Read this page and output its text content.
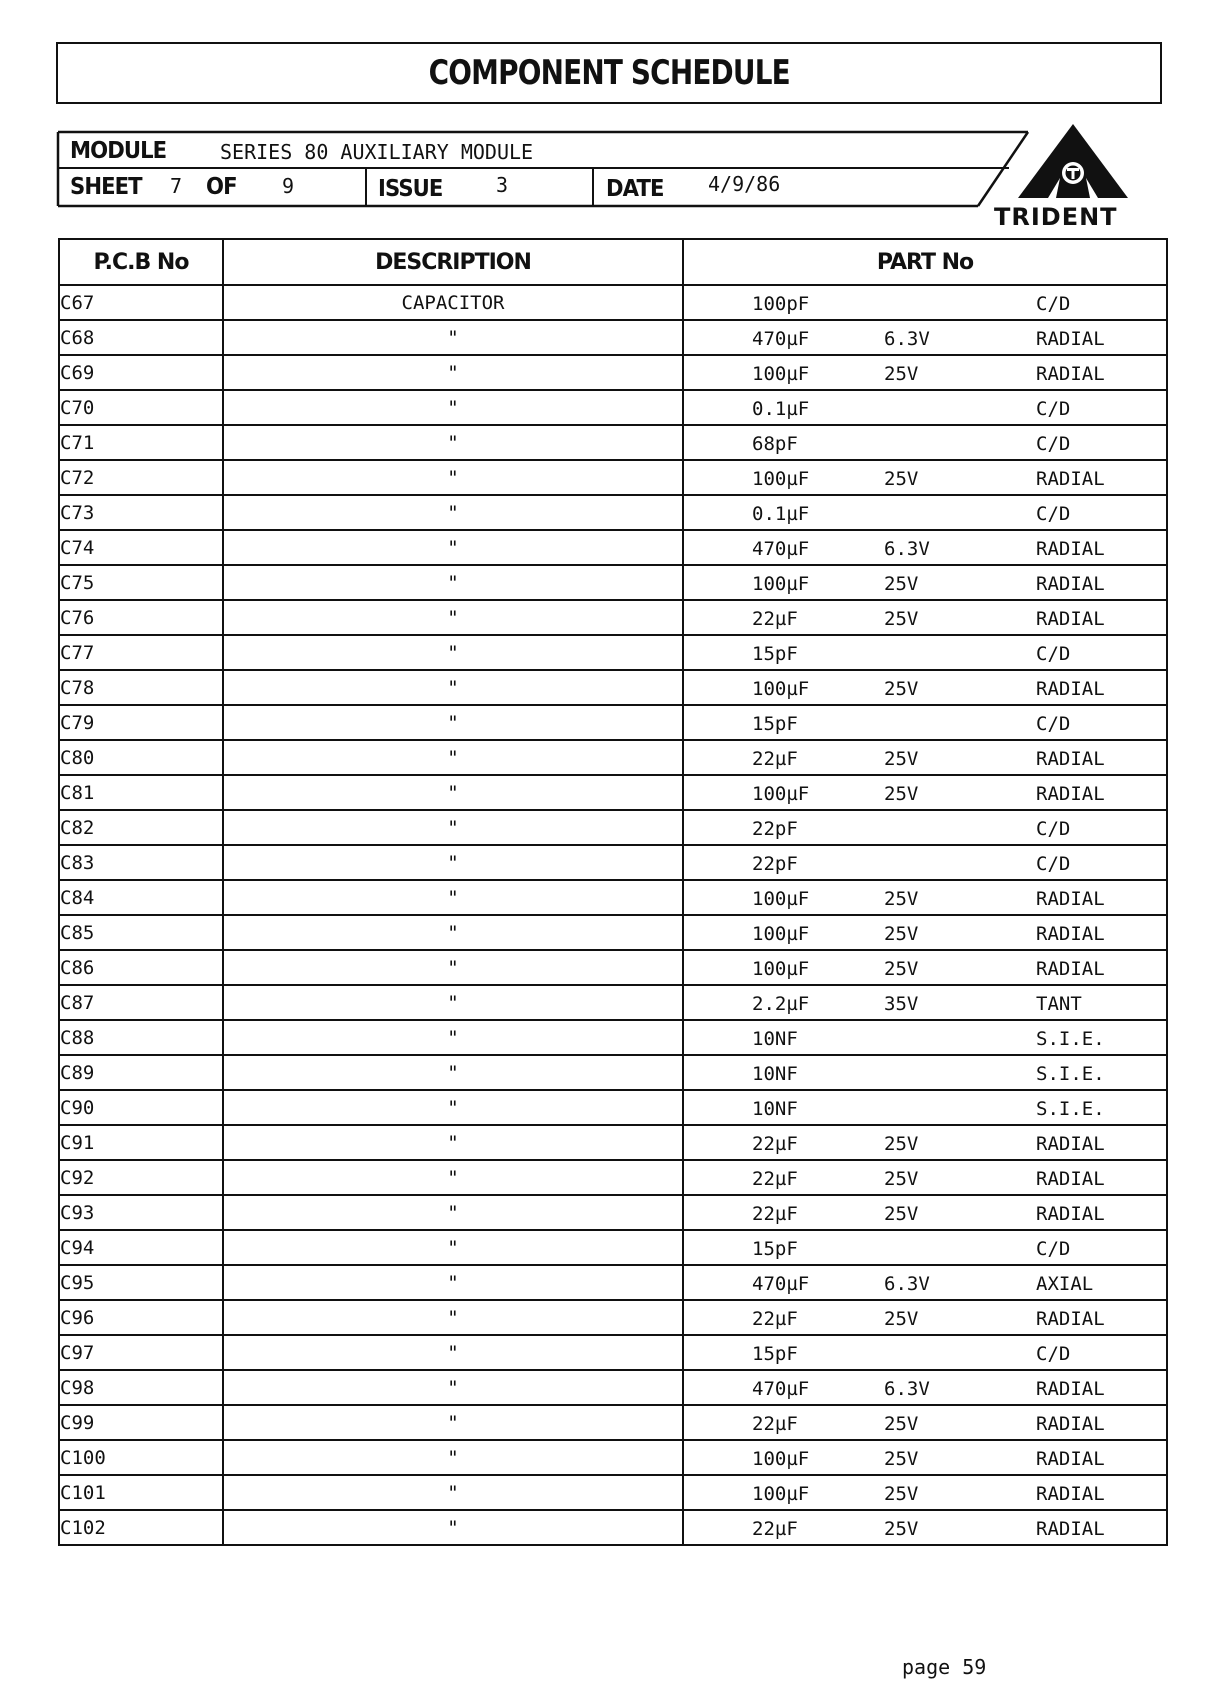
COMPONENT SCHEDULE
MODULE	SERIES 80 AUXILIARY MODULE
SHEET 7 OF 9	ISSUE	3	DATE 4/9/86
TRIDENT
P.C.B No	DESCRIPTION	PART No
C67	CAPACITOR	100pF C/D

C68	"	470µF 6.3V RADIAL

C69	"	100µF 25V RADIAL

C70	"	0.1µF C/D

C71	"	68pF C/D

C72	"	100µF 25V RADIAL

C73	"	0.1µF C/D

C74	"	470µF 6.3V RADIAL

C75	"	100µF 25V RADIAL

C76	"	22µF 25V RADIAL

C77	"	15pF C/D

C78	"	100µF 25V RADIAL

C79	"	15pF C/D

C80	"	22µF 25V RADIAL

C81	"	100µF 25V RADIAL

C82	"	22pF C/D

C83	"	22pF C/D

C84	"	100µF 25V RADIAL

C85	"	100µF 25V RADIAL

C86	"	100µF 25V RADIAL

C87	"	2.2µF 35V TANT

C88	"	10NF S.I.E.

C89	"	10NF S.I.E.

C90	"	10NF S.I.E.

C91	"	22µF 25V RADIAL

C92	"	22µF 25V RADIAL

C93	"	22µF 25V RADIAL

C94	"	15pF C/D

C95	"	470µF 6.3V AXIAL

C96	"	22µF 25V RADIAL

C97	"	15pF C/D

C98	"	470µF 6.3V RADIAL

C99	"	22µF 25V RADIAL

C100	"	100µF 25V RADIAL

C101	"	100µF 25V RADIAL

C102	"	22µF 25V RADIAL
page 59
